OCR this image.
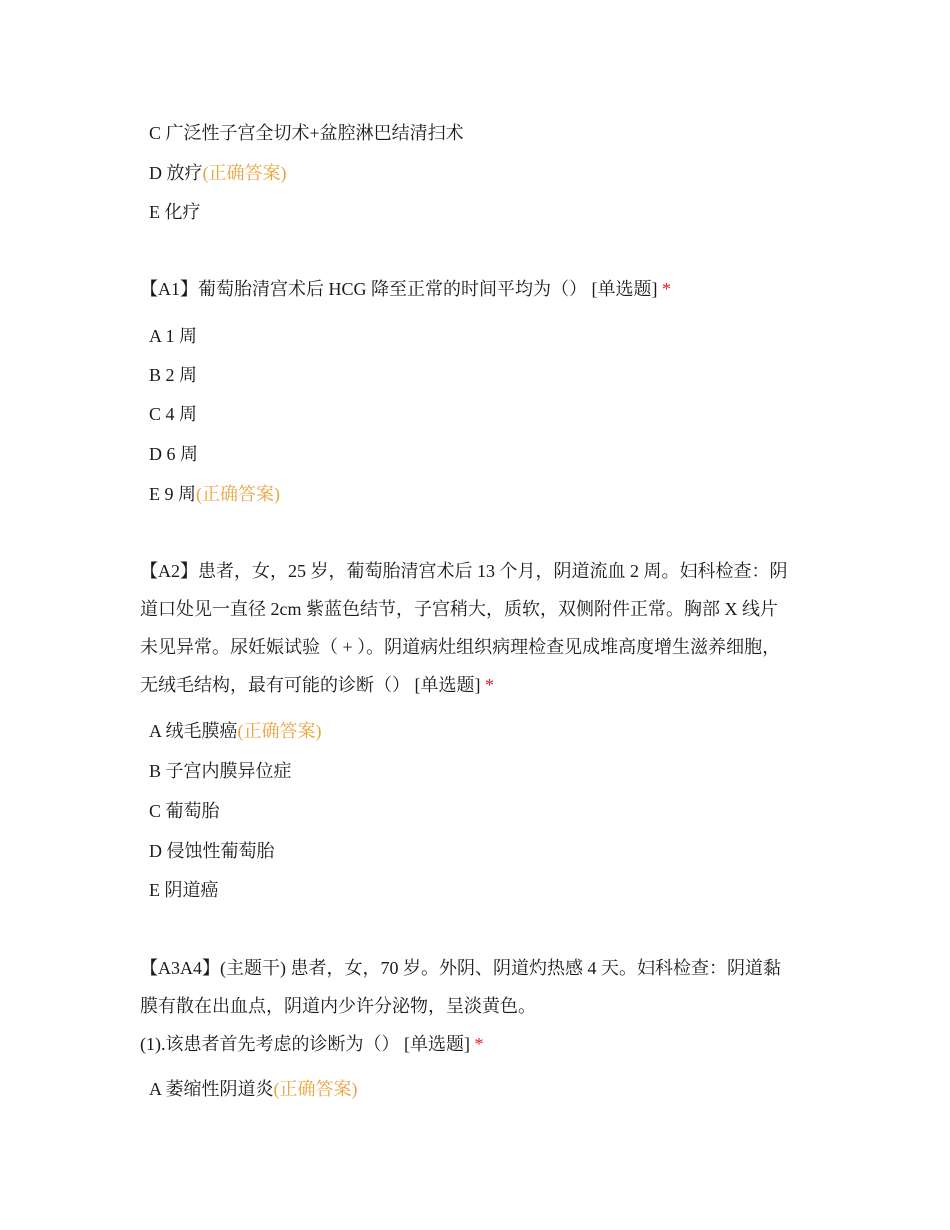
C 广泛性子宫全切术+盆腔淋巴结清扫术
D 放疗(正确答案)
E 化疗
【A1】葡萄胎清宫术后 HCG 降至正常的时间平均为（） [单选题] *
A 1 周
B 2 周
C 4 周
D 6 周
E 9 周(正确答案)
【A2】患者，女，25 岁，葡萄胎清宫术后 13 个月，阴道流血 2 周。妇科检查：阴
道口处见一直径 2cm 紫蓝色结节，子宫稍大，质软，双侧附件正常。胸部 X 线片
未见异常。尿妊娠试验（ + ）。阴道病灶组织病理检查见成堆高度增生滋养细胞，
无绒毛结构，最有可能的诊断（） [单选题] *
A 绒毛膜癌(正确答案)
B 子宫内膜异位症
C 葡萄胎
D 侵蚀性葡萄胎
E 阴道癌
【A3A4】(主题干) 患者，女，70 岁。外阴、阴道灼热感 4 天。妇科检查：阴道黏
膜有散在出血点，阴道内少许分泌物，呈淡黄色。
(1).该患者首先考虑的诊断为（） [单选题] *
A 萎缩性阴道炎(正确答案)
